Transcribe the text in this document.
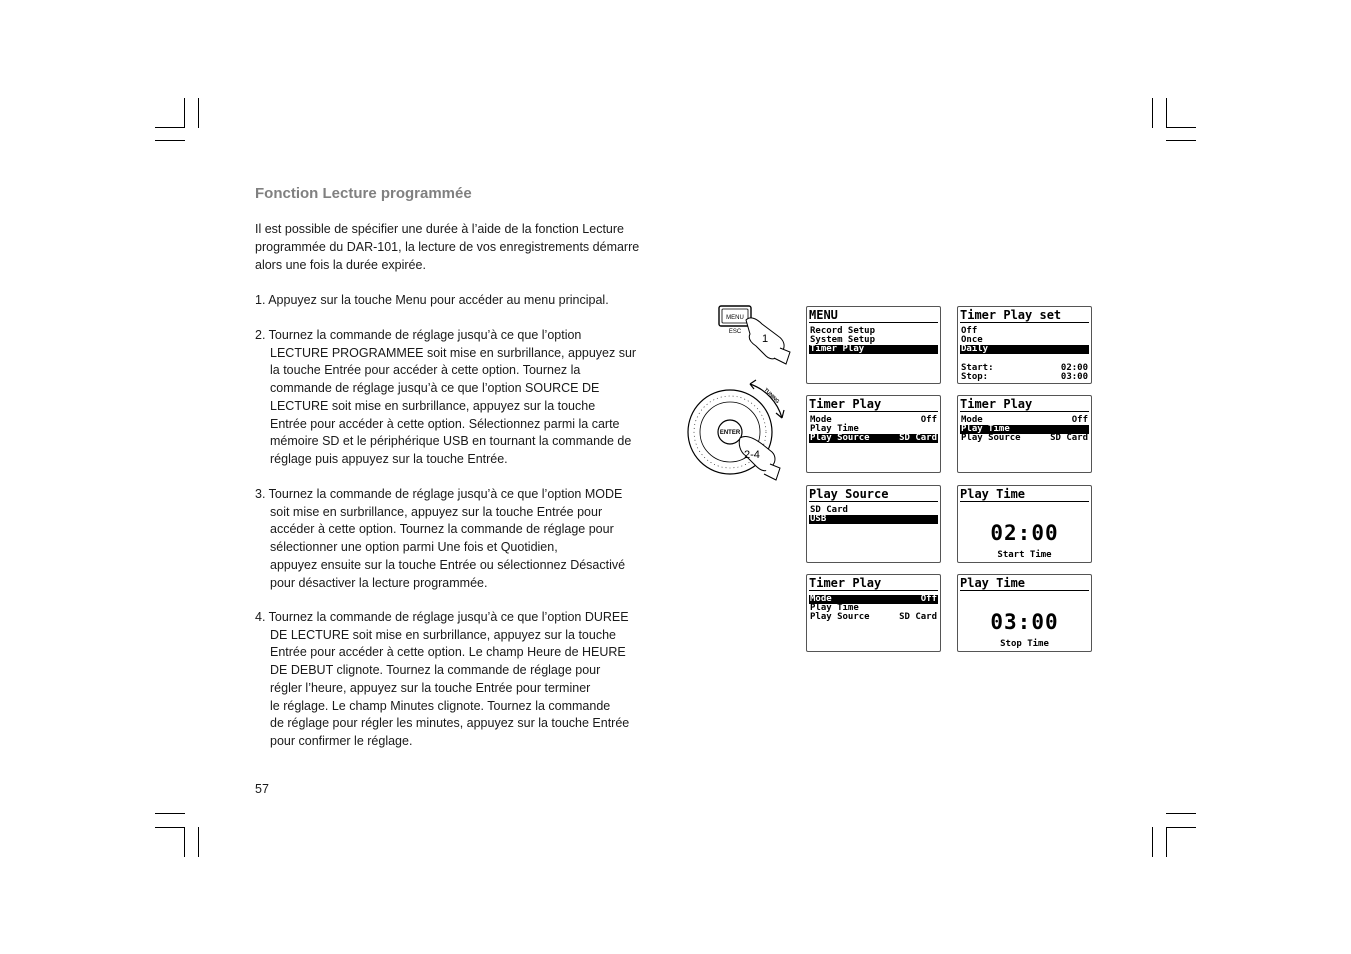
Fonction Lecture programmée

Il est possible de spécifier une durée à l’aide de la fonction Lecture
programmée du DAR-101, la lecture de vos enregistrements démarre
alors une fois la durée expirée.

1. Appuyez sur la touche Menu pour accéder au menu principal.

2. Tournez la commande de réglage jusqu’à ce que l’option
LECTURE PROGRAMMEE soit mise en surbrillance, appuyez sur
la touche Entrée pour accéder à cette option. Tournez la
commande de réglage jusqu’à ce que l’option SOURCE DE
LECTURE soit mise en surbrillance, appuyez sur la touche
Entrée pour accéder à cette option. Sélectionnez parmi la carte
mémoire SD et le périphérique USB en tournant la commande de
réglage puis appuyez sur la touche Entrée.

3. Tournez la commande de réglage jusqu’à ce que l’option MODE
soit mise en surbrillance, appuyez sur la touche Entrée pour
accéder à cette option. Tournez la commande de réglage pour
sélectionner une option parmi Une fois et Quotidien,
appuyez ensuite sur la touche Entrée ou sélectionnez Désactivé
pour désactiver la lecture programmée.

4. Tournez la commande de réglage jusqu’à ce que l’option DUREE
DE LECTURE soit mise en surbrillance, appuyez sur la touche
Entrée pour accéder à cette option. Le champ Heure de HEURE
DE DEBUT clignote. Tournez la commande de réglage pour
régler l’heure, appuyez sur la touche Entrée pour terminer
le réglage. Le champ Minutes clignote. Tournez la commande
de réglage pour régler les minutes, appuyez sur la touche Entrée
pour confirmer le réglage.

57
MENU
ESC
1
ENTER
TUNING
2-4
MENU
Record Setup
System Setup
Timer Play
Timer Play set
Off
Once
Daily
Start:	02:00
Stop:	03:00
Timer Play
Mode	Off
Play Time
Play Source	SD Card
Timer Play
Mode	Off
Play Time
Play Source	SD Card
Play Source
SD Card
USB
Play Time
02:00
Start Time
Timer Play
Mode	Off
Play Time
Play Source	SD Card
Play Time
03:00
Stop Time
